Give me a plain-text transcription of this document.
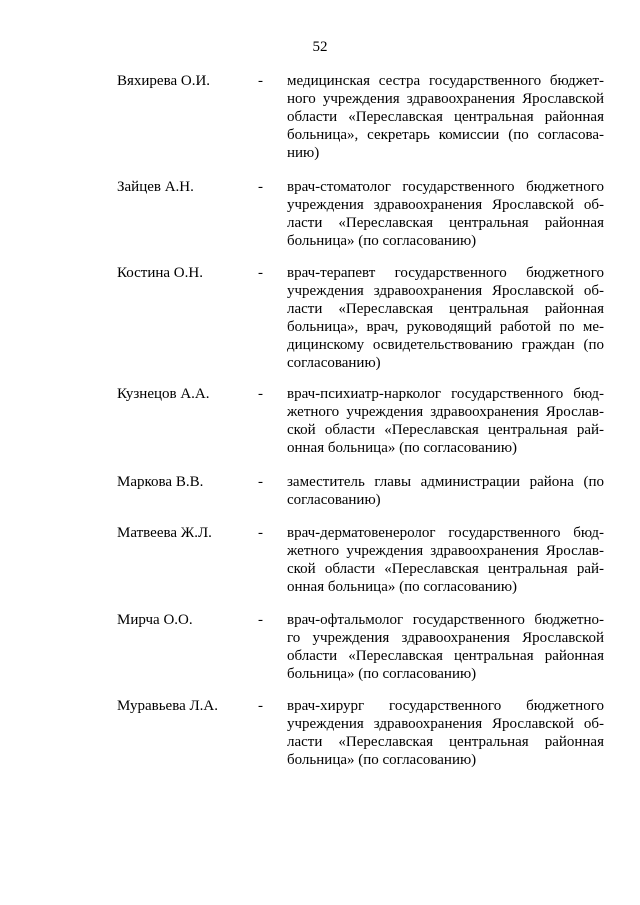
52
Вяхирева О.И.	- медицинская сестра государственного бюджет-
ного учреждения здравоохранения Ярославской
области «Переславская центральная районная
больница», секретарь комиссии (по согласова-
нию)
Зайцев А.Н.	- врач-стоматолог государственного бюджетного
учреждения здравоохранения Ярославской об-
ласти «Переславская центральная районная
больница» (по согласованию)
Костина О.Н.	- врач-терапевт государственного бюджетного
учреждения здравоохранения Ярославской об-
ласти «Переславская центральная районная
больница», врач, руководящий работой по ме-
дицинскому освидетельствованию граждан (по
согласованию)
Кузнецов А.А.	- врач-психиатр-нарколог государственного бюд-
жетного учреждения здравоохранения Ярослав-
ской области «Переславская центральная рай-
онная больница» (по согласованию)
Маркова В.В.	- заместитель главы администрации района (по
согласованию)
Матвеева Ж.Л.	- врач-дерматовенеролог государственного бюд-
жетного учреждения здравоохранения Ярослав-
ской области «Переславская центральная рай-
онная больница» (по согласованию)
Мирча О.О.	- врач-офтальмолог государственного бюджетно-
го учреждения здравоохранения Ярославской
области «Переславская центральная районная
больница» (по согласованию)
Муравьева Л.А.	- врач-хирург государственного бюджетного
учреждения здравоохранения Ярославской об-
ласти «Переславская центральная районная
больница» (по согласованию)
